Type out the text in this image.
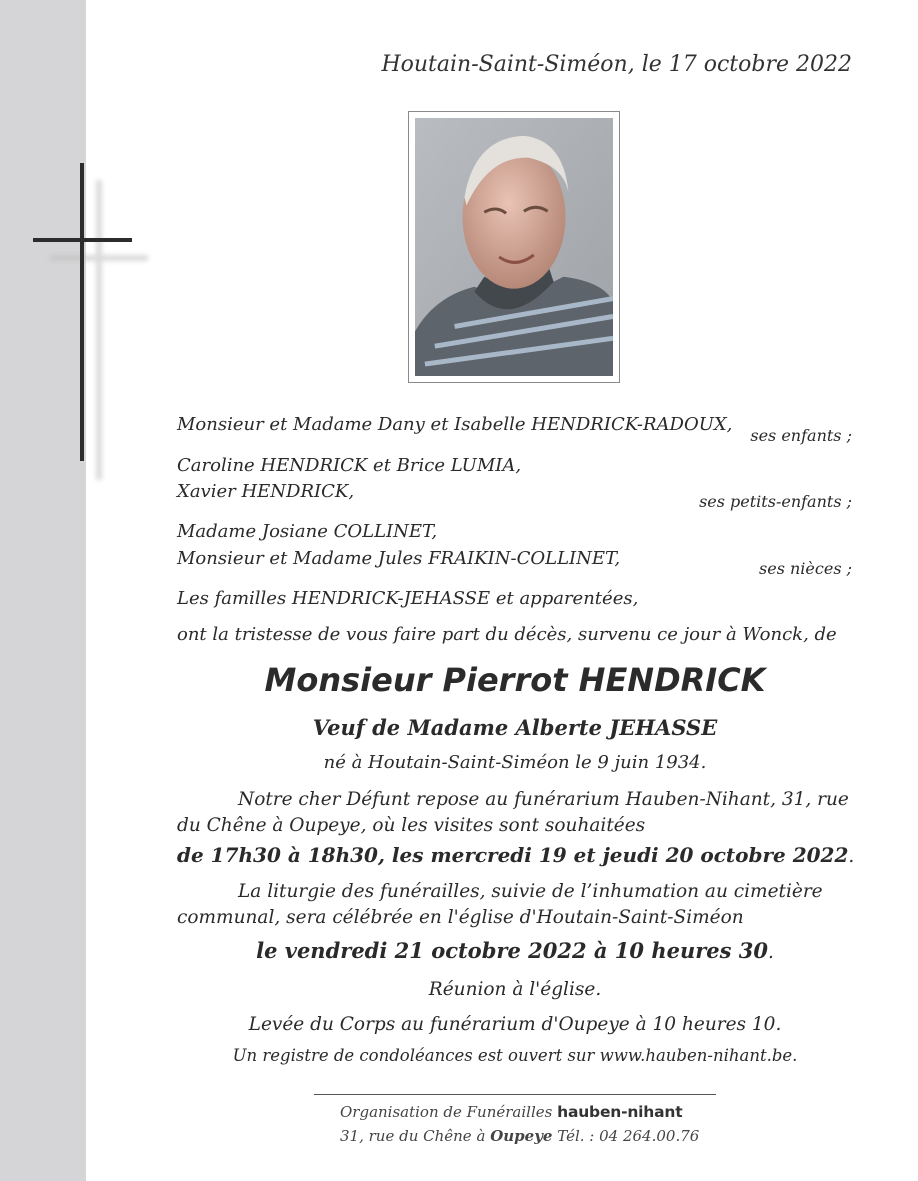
Houtain-Saint-Siméon, le 17 octobre 2022
Monsieur et Madame Dany et Isabelle HENDRICK-RADOUX,
ses enfants ;
Caroline HENDRICK et Brice LUMIA,
Xavier HENDRICK,	ses petits-enfants ;
Madame Josiane COLLINET,
Monsieur et Madame Jules FRAIKIN-COLLINET,	ses nièces ;
Les familles HENDRICK-JEHASSE et apparentées,
ont la tristesse de vous faire part du décès, survenu ce jour à Wonck, de
Monsieur Pierrot HENDRICK
Veuf de Madame Alberte JEHASSE
né à Houtain-Saint-Siméon le 9 juin 1934.
Notre cher Défunt repose au funérarium Hauben-Nihant, 31, rue
du Chêne à Oupeye, où les visites sont souhaitées
de 17h30 à 18h30, les mercredi 19 et jeudi 20 octobre 2022.
La liturgie des funérailles, suivie de l’inhumation au cimetière
communal, sera célébrée en l'église d'Houtain-Saint-Siméon
le vendredi 21 octobre 2022 à 10 heures 30.
Réunion à l'église.
Levée du Corps au funérarium d'Oupeye à 10 heures 10.
Un registre de condoléances est ouvert sur www.hauben-nihant.be.
Organisation de Funérailles hauben-nihant
31, rue du Chêne à Oupeye Tél. : 04 264.00.76
